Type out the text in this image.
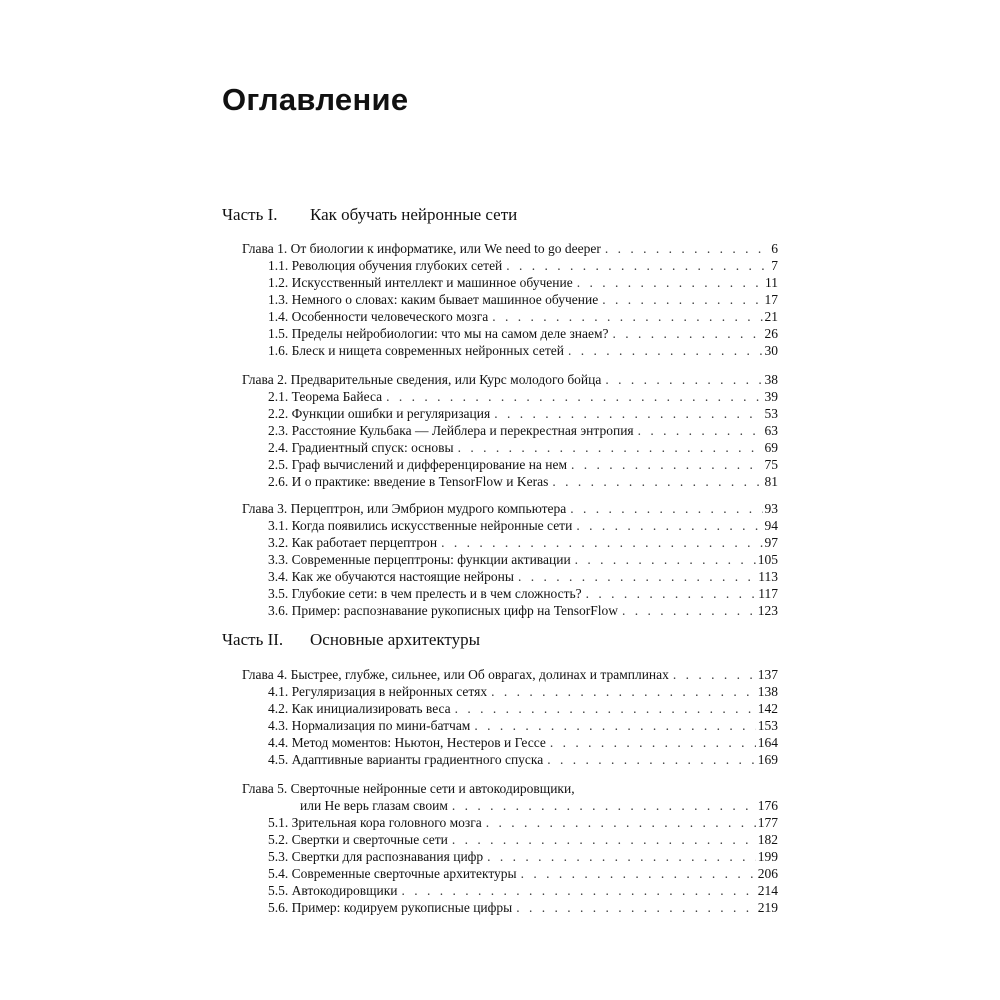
Оглавление
Часть I. Как обучать нейронные сети
Глава 1. От биологии к информатике, или We need to go deeper . . .	6
1.1. Революция обучения глубоких сетей . . .	7
1.2. Искусственный интеллект и машинное обучение . . .	11
1.3. Немного о словах: каким бывает машинное обучение . . .	17
1.4. Особенности человеческого мозга . . .	21
1.5. Пределы нейробиологии: что мы на самом деле знаем? . . .	26
1.6. Блеск и нищета современных нейронных сетей . . .	30
Глава 2. Предварительные сведения, или Курс молодого бойца . . .	38
2.1. Теорема Байеса . . .	39
2.2. Функции ошибки и регуляризация . . .	53
2.3. Расстояние Кульбака — Лейблера и перекрестная энтропия . . .	63
2.4. Градиентный спуск: основы . . .	69
2.5. Граф вычислений и дифференцирование на нем . . .	75
2.6. И о практике: введение в TensorFlow и Keras . . .	81
Глава 3. Перцептрон, или Эмбрион мудрого компьютера . . .	93
3.1. Когда появились искусственные нейронные сети . . .	94
3.2. Как работает перцептрон . . .	97
3.3. Современные перцептроны: функции активации . . .	105
3.4. Как же обучаются настоящие нейроны . . .	113
3.5. Глубокие сети: в чем прелесть и в чем сложность? . . .	117
3.6. Пример: распознавание рукописных цифр на TensorFlow . . .	123
Часть II. Основные архитектуры
Глава 4. Быстрее, глубже, сильнее, или Об оврагах, долинах и трамплинах . . .	137
4.1. Регуляризация в нейронных сетях . . .	138
4.2. Как инициализировать веса . . .	142
4.3. Нормализация по мини-батчам . . .	153
4.4. Метод моментов: Ньютон, Нестеров и Гессе . . .	164
4.5. Адаптивные варианты градиентного спуска . . .	169
Глава 5. Сверточные нейронные сети и автокодировщики,
или Не верь глазам своим . . .	176
5.1. Зрительная кора головного мозга . . .	177
5.2. Свертки и сверточные сети . . .	182
5.3. Свертки для распознавания цифр . . .	199
5.4. Современные сверточные архитектуры . . .	206
5.5. Автокодировщики . . .	214
5.6. Пример: кодируем рукописные цифры . . .	219
